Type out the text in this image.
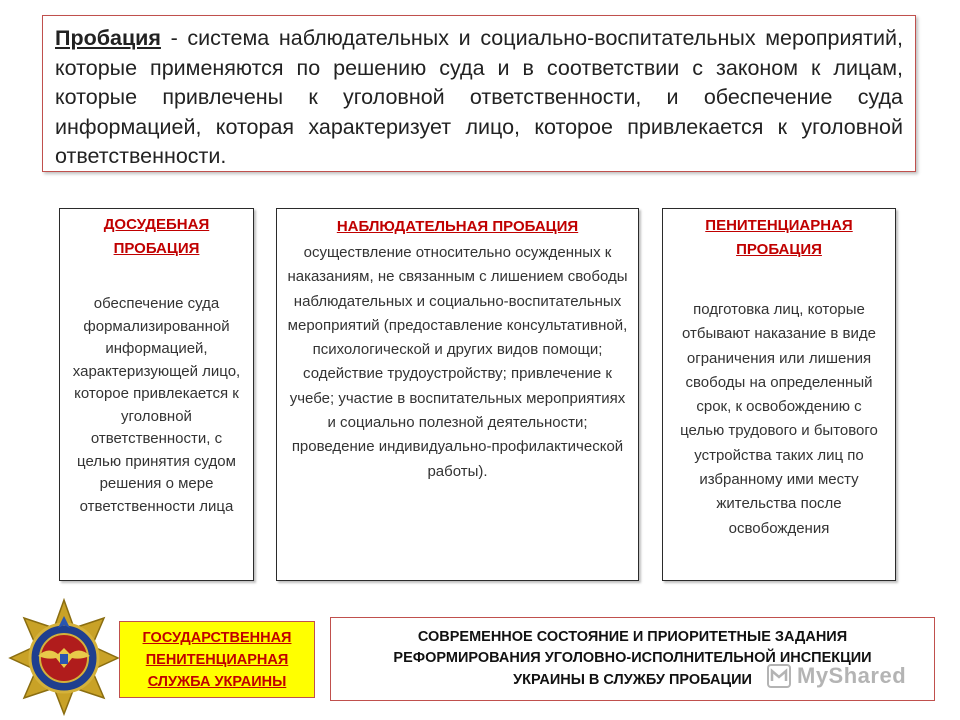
Пробация - система наблюдательных и социально-воспитательных мероприятий, которые применяются по решению суда и в соответствии с законом к лицам, которые привлечены к уголовной ответственности, и обеспечение суда информацией, которая характеризует лицо, которое привлекается к уголовной ответственности.
ДОСУДЕБНАЯ ПРОБАЦИЯ
обеспечение суда формализированной информацией, характеризующей лицо, которое привлекается к уголовной ответственности, с целью принятия судом решения о мере ответственности лица
НАБЛЮДАТЕЛЬНАЯ ПРОБАЦИЯ
осуществление относительно осужденных к наказаниям, не связанным с лишением свободы наблюдательных и социально-воспитательных мероприятий (предоставление консультативной, психологической и других видов помощи; содействие трудоустройству; привлечение к учебе; участие в воспитательных мероприятиях и социально полезной деятельности; проведение индивидуально-профилактической работы).
ПЕНИТЕНЦИАРНАЯ ПРОБАЦИЯ
подготовка лиц, которые отбывают наказание в виде ограничения или лишения свободы на определенный срок, к освобождению с целью трудового и бытового устройства таких лиц по избранному ими месту жительства после освобождения
ГОСУДАРСТВЕННАЯ ПЕНИТЕНЦИАРНАЯ СЛУЖБА УКРАИНЫ
СОВРЕМЕННОЕ СОСТОЯНИЕ И ПРИОРИТЕТНЫЕ ЗАДАНИЯ РЕФОРМИРОВАНИЯ УГОЛОВНО-ИСПОЛНИТЕЛЬНОЙ ИНСПЕКЦИИ УКРАИНЫ В СЛУЖБУ ПРОБАЦИИ	MyShared
